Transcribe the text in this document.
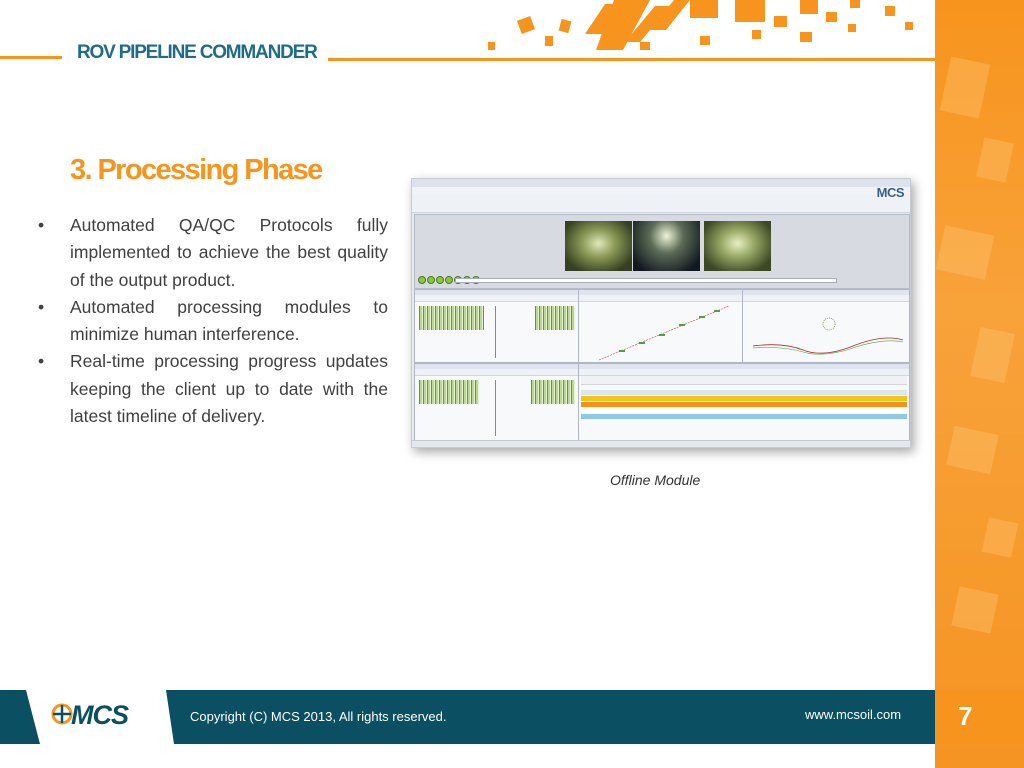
ROV PIPELINE COMMANDER
3. Processing Phase
• Automated QA/QC Protocols fully implemented to achieve the best quality of the output product.
• Automated processing modules to minimize human interference.
• Real-time processing progress updates keeping the client up to date with the latest timeline of delivery.
MCS
Offline Module
MCS	Copyright (C) MCS 2013, All rights reserved.	www.mcsoil.com 7
